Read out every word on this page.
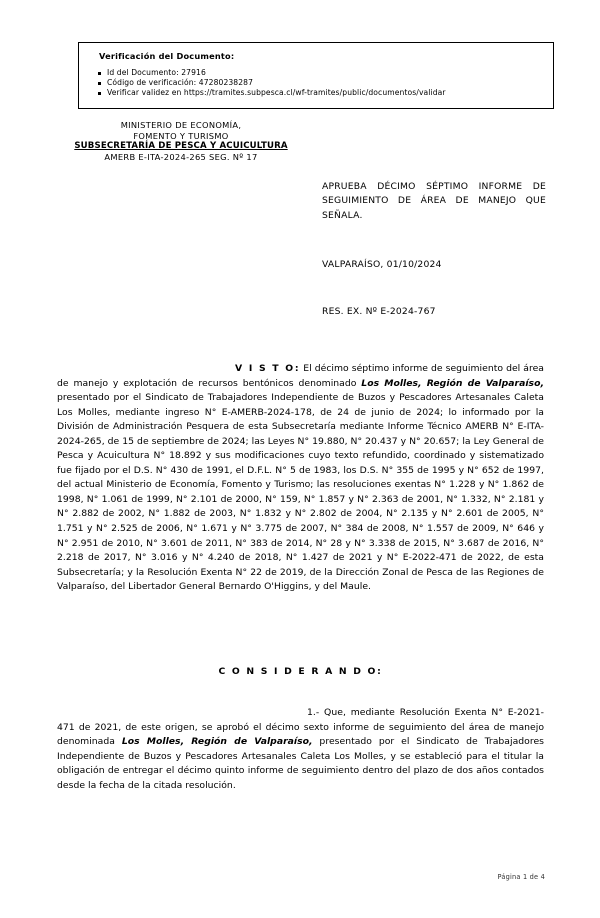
Verificación del Documento:
Id del Documento: 27916
Código de verificación: 47280238287
Verificar validez en https://tramites.subpesca.cl/wf-tramites/public/documentos/validar
MINISTERIO DE ECONOMÍA,
FOMENTO Y TURISMO
SUBSECRETARÍA DE PESCA Y ACUICULTURA
AMERB E-ITA-2024-265 SEG. Nº 17
APRUEBA DÉCIMO SÉPTIMO INFORME DE SEGUIMIENTO DE ÁREA DE MANEJO QUE SEÑALA.
VALPARAÍSO, 01/10/2024
RES. EX. Nº E-2024-767

V I S T O: El décimo séptimo informe de seguimiento del área de manejo y explotación de recursos bentónicos denominado Los Molles, Región de Valparaíso, presentado por el Sindicato de Trabajadores Independiente de Buzos y Pescadores Artesanales Caleta Los Molles, mediante ingreso N° E-AMERB-2024-178, de 24 de junio de 2024; lo informado por la División de Administración Pesquera de esta Subsecretaría mediante Informe Técnico AMERB N° E-ITA-2024-265, de 15 de septiembre de 2024; las Leyes N° 19.880, N° 20.437 y N° 20.657; la Ley General de Pesca y Acuicultura N° 18.892 y sus modificaciones cuyo texto refundido, coordinado y sistematizado fue fijado por el D.S. N° 430 de 1991, el D.F.L. N° 5 de 1983, los D.S. N° 355 de 1995 y N° 652 de 1997, del actual Ministerio de Economía, Fomento y Turismo; las resoluciones exentas N° 1.228 y N° 1.862 de 1998, N° 1.061 de 1999, N° 2.101 de 2000, N° 159, N° 1.857 y N° 2.363 de 2001, N° 1.332, N° 2.181 y N° 2.882 de 2002, N° 1.882 de 2003, N° 1.832 y N° 2.802 de 2004, N° 2.135 y N° 2.601 de 2005, N° 1.751 y N° 2.525 de 2006, N° 1.671 y N° 3.775 de 2007, N° 384 de 2008, N° 1.557 de 2009, N° 646 y N° 2.951 de 2010, N° 3.601 de 2011, N° 383 de 2014, N° 28 y N° 3.338 de 2015, N° 3.687 de 2016, N° 2.218 de 2017, N° 3.016 y N° 4.240 de 2018, N° 1.427 de 2021 y N° E-2022-471 de 2022, de esta Subsecretaría; y la Resolución Exenta N° 22 de 2019, de la Dirección Zonal de Pesca de las Regiones de Valparaíso, del Libertador General Bernardo O'Higgins, y del Maule.

C O N S I D E R A N D O:

1.- Que, mediante Resolución Exenta N° E-2021-471 de 2021, de este origen, se aprobó el décimo sexto informe de seguimiento del área de manejo denominada Los Molles, Región de Valparaíso, presentado por el Sindicato de Trabajadores Independiente de Buzos y Pescadores Artesanales Caleta Los Molles, y se estableció para el titular la obligación de entregar el décimo quinto informe de seguimiento dentro del plazo de dos años contados desde la fecha de la citada resolución.

Página 1 de 4
